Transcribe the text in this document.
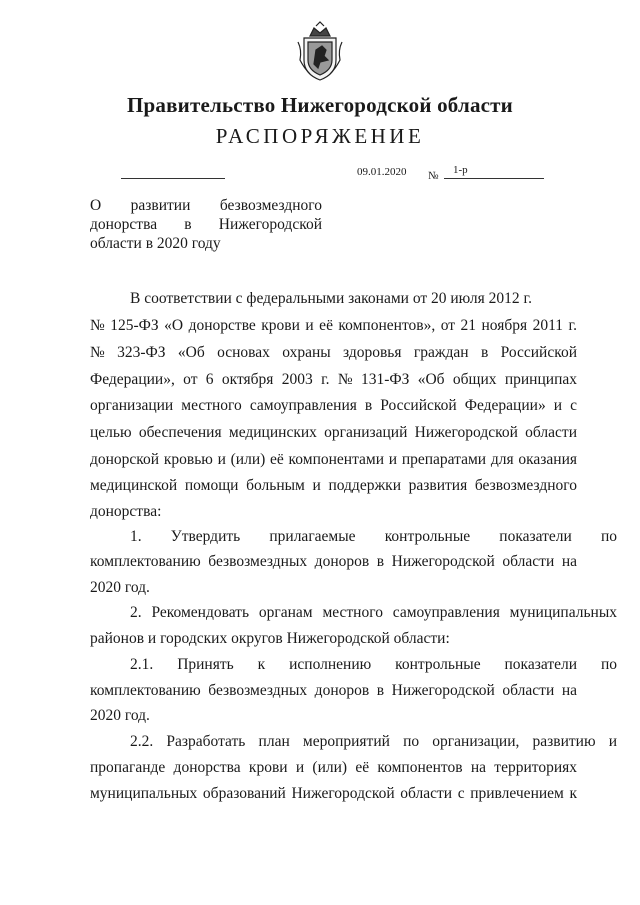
Правительство Нижегородской области
РАСПОРЯЖЕНИЕ
09.01.2020 № 1-р
О развитии безвозмездного
донорства в Нижегородской
области в 2020 году
В соответствии с федеральными законами от 20 июля 2012 г.
№ 125-ФЗ «О донорстве крови и её компонентов», от 21 ноября 2011 г.
№ 323-ФЗ «Об основах охраны здоровья граждан в Российской
Федерации», от 6 октября 2003 г. № 131-ФЗ «Об общих принципах
организации местного самоуправления в Российской Федерации» и с
целью обеспечения медицинских организаций Нижегородской области
донорской кровью и (или) её компонентами и препаратами для оказания
медицинской помощи больным и поддержки развития безвозмездного
донорства:
1. Утвердить прилагаемые контрольные показатели по
комплектованию безвозмездных доноров в Нижегородской области на
2020 год.
2. Рекомендовать органам местного самоуправления муниципальных
районов и городских округов Нижегородской области:
2.1. Принять к исполнению контрольные показатели по
комплектованию безвозмездных доноров в Нижегородской области на
2020 год.
2.2. Разработать план мероприятий по организации, развитию и
пропаганде донорства крови и (или) её компонентов на территориях
муниципальных образований Нижегородской области с привлечением к
